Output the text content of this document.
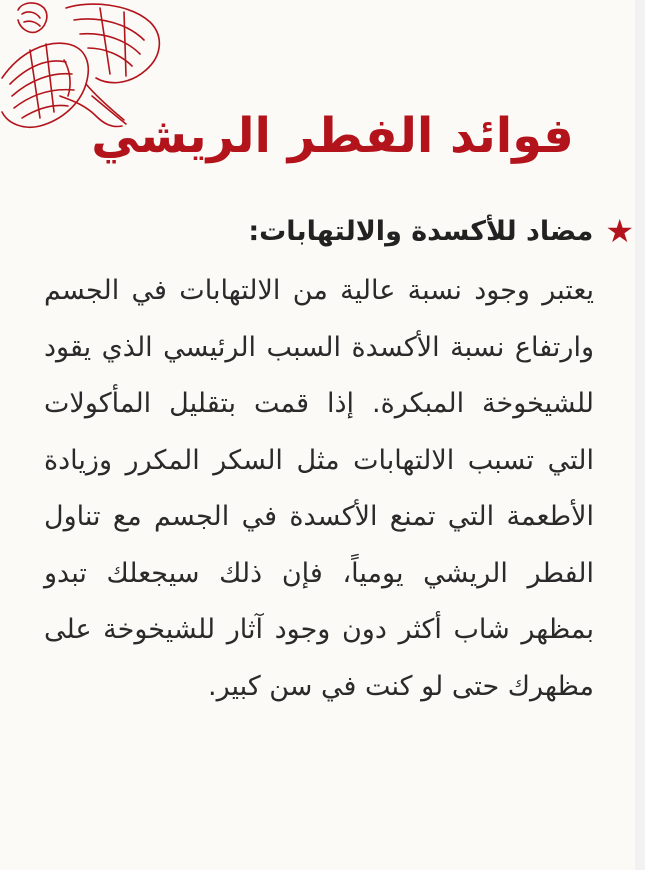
فوائد الفطر الريشي
★
مضاد للأكسدة والالتهابات:

يعتبر وجود نسبة عالية من الالتهابات في الجسم وارتفاع نسبة الأكسدة السبب الرئيسي الذي يقود للشيخوخة المبكرة. إذا قمت بتقليل المأكولات التي تسبب الالتهابات مثل السكر المكرر وزيادة الأطعمة التي تمنع الأكسدة في الجسم مع تناول الفطر الريشي يومياً، فإن ذلك سيجعلك تبدو بمظهر شاب أكثر دون وجود آثار للشيخوخة على مظهرك حتى لو كنت في سن كبير.
